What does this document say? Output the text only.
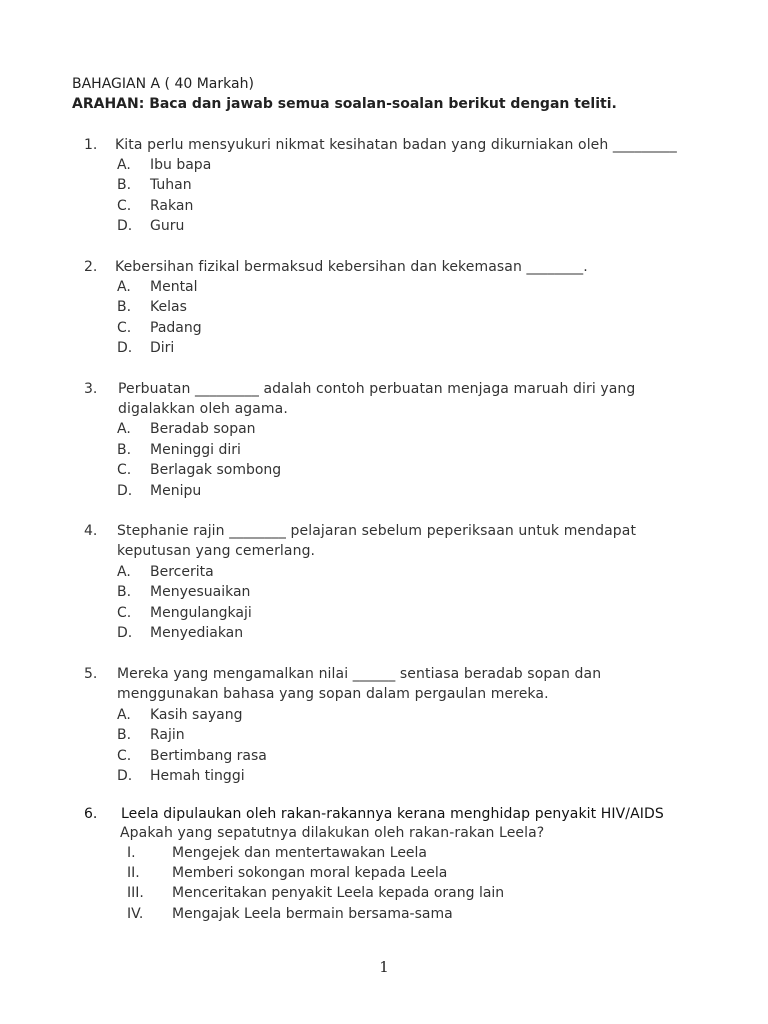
BAHAGIAN A ( 40 Markah)
ARAHAN: Baca dan jawab semua soalan-soalan berikut dengan teliti.
1. Kita perlu mensyukuri nikmat kesihatan badan yang dikurniakan oleh _________
A. Ibu bapa
B. Tuhan
C. Rakan
D. Guru
2. Kebersihan fizikal bermaksud kebersihan dan kekemasan ________.
A. Mental
B. Kelas
C. Padang
D. Diri
3. Perbuatan _________ adalah contoh perbuatan menjaga maruah diri yang
digalakkan oleh agama.
A. Beradab sopan
B. Meninggi diri
C. Berlagak sombong
D. Menipu
4. Stephanie rajin ________ pelajaran sebelum peperiksaan untuk mendapat
keputusan yang cemerlang.
A. Bercerita
B. Menyesuaikan
C. Mengulangkaji
D. Menyediakan
5. Mereka yang mengamalkan nilai ______ sentiasa beradab sopan dan
menggunakan bahasa yang sopan dalam pergaulan mereka.
A. Kasih sayang
B. Rajin
C. Bertimbang rasa
D. Hemah tinggi
6. Leela dipulaukan oleh rakan-rakannya kerana menghidap penyakit HIV/AIDS
Apakah yang sepatutnya dilakukan oleh rakan-rakan Leela?
I.	Mengejek dan mentertawakan Leela
II. Memberi sokongan moral kepada Leela
III. Menceritakan penyakit Leela kepada orang lain
IV. Mengajak Leela bermain bersama-sama
1
